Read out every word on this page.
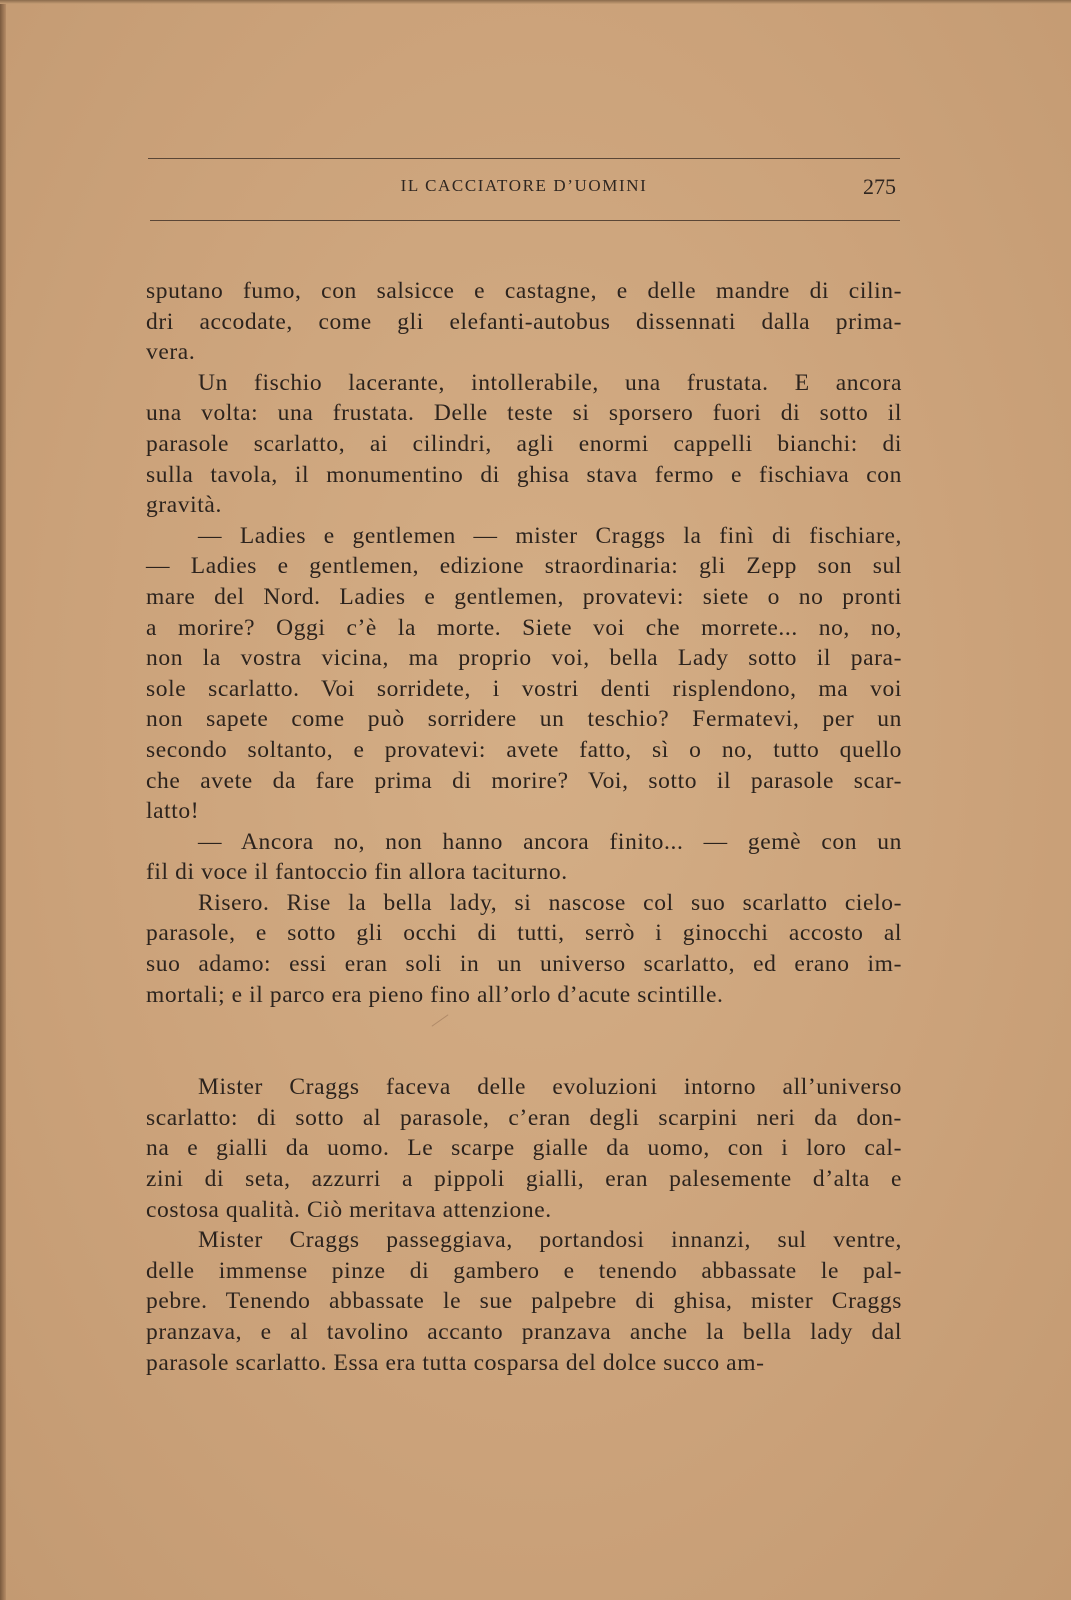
IL CACCIATORE D’UOMINI	275
sputano fumo, con salsicce e castagne, e delle mandre di cilin-
dri accodate, come gli elefanti-autobus dissennati dalla prima-
vera.
Un fischio lacerante, intollerabile, una frustata. E ancora
una volta: una frustata. Delle teste si sporsero fuori di sotto il
parasole scarlatto, ai cilindri, agli enormi cappelli bianchi: di
sulla tavola, il monumentino di ghisa stava fermo e fischiava con
gravità.
— Ladies e gentlemen — mister Craggs la finì di fischiare,
— Ladies e gentlemen, edizione straordinaria: gli Zepp son sul
mare del Nord. Ladies e gentlemen, provatevi: siete o no pronti
a morire? Oggi c’è la morte. Siete voi che morrete... no, no,
non la vostra vicina, ma proprio voi, bella Lady sotto il para-
sole scarlatto. Voi sorridete, i vostri denti risplendono, ma voi
non sapete come può sorridere un teschio? Fermatevi, per un
secondo soltanto, e provatevi: avete fatto, sì o no, tutto quello
che avete da fare prima di morire? Voi, sotto il parasole scar-
latto!
— Ancora no, non hanno ancora finito... — gemè con un
fil di voce il fantoccio fin allora taciturno.
Risero. Rise la bella lady, si nascose col suo scarlatto cielo-
parasole, e sotto gli occhi di tutti, serrò i ginocchi accosto al
suo adamo: essi eran soli in un universo scarlatto, ed erano im-
mortali; e il parco era pieno fino all’orlo d’acute scintille.
Mister Craggs faceva delle evoluzioni intorno all’universo
scarlatto: di sotto al parasole, c’eran degli scarpini neri da don-
na e gialli da uomo. Le scarpe gialle da uomo, con i loro cal-
zini di seta, azzurri a pippoli gialli, eran palesemente d’alta e
costosa qualità. Ciò meritava attenzione.
Mister Craggs passeggiava, portandosi innanzi, sul ventre,
delle immense pinze di gambero e tenendo abbassate le pal-
pebre. Tenendo abbassate le sue palpebre di ghisa, mister Craggs
pranzava, e al tavolino accanto pranzava anche la bella lady dal
parasole scarlatto. Essa era tutta cosparsa del dolce succo am-
